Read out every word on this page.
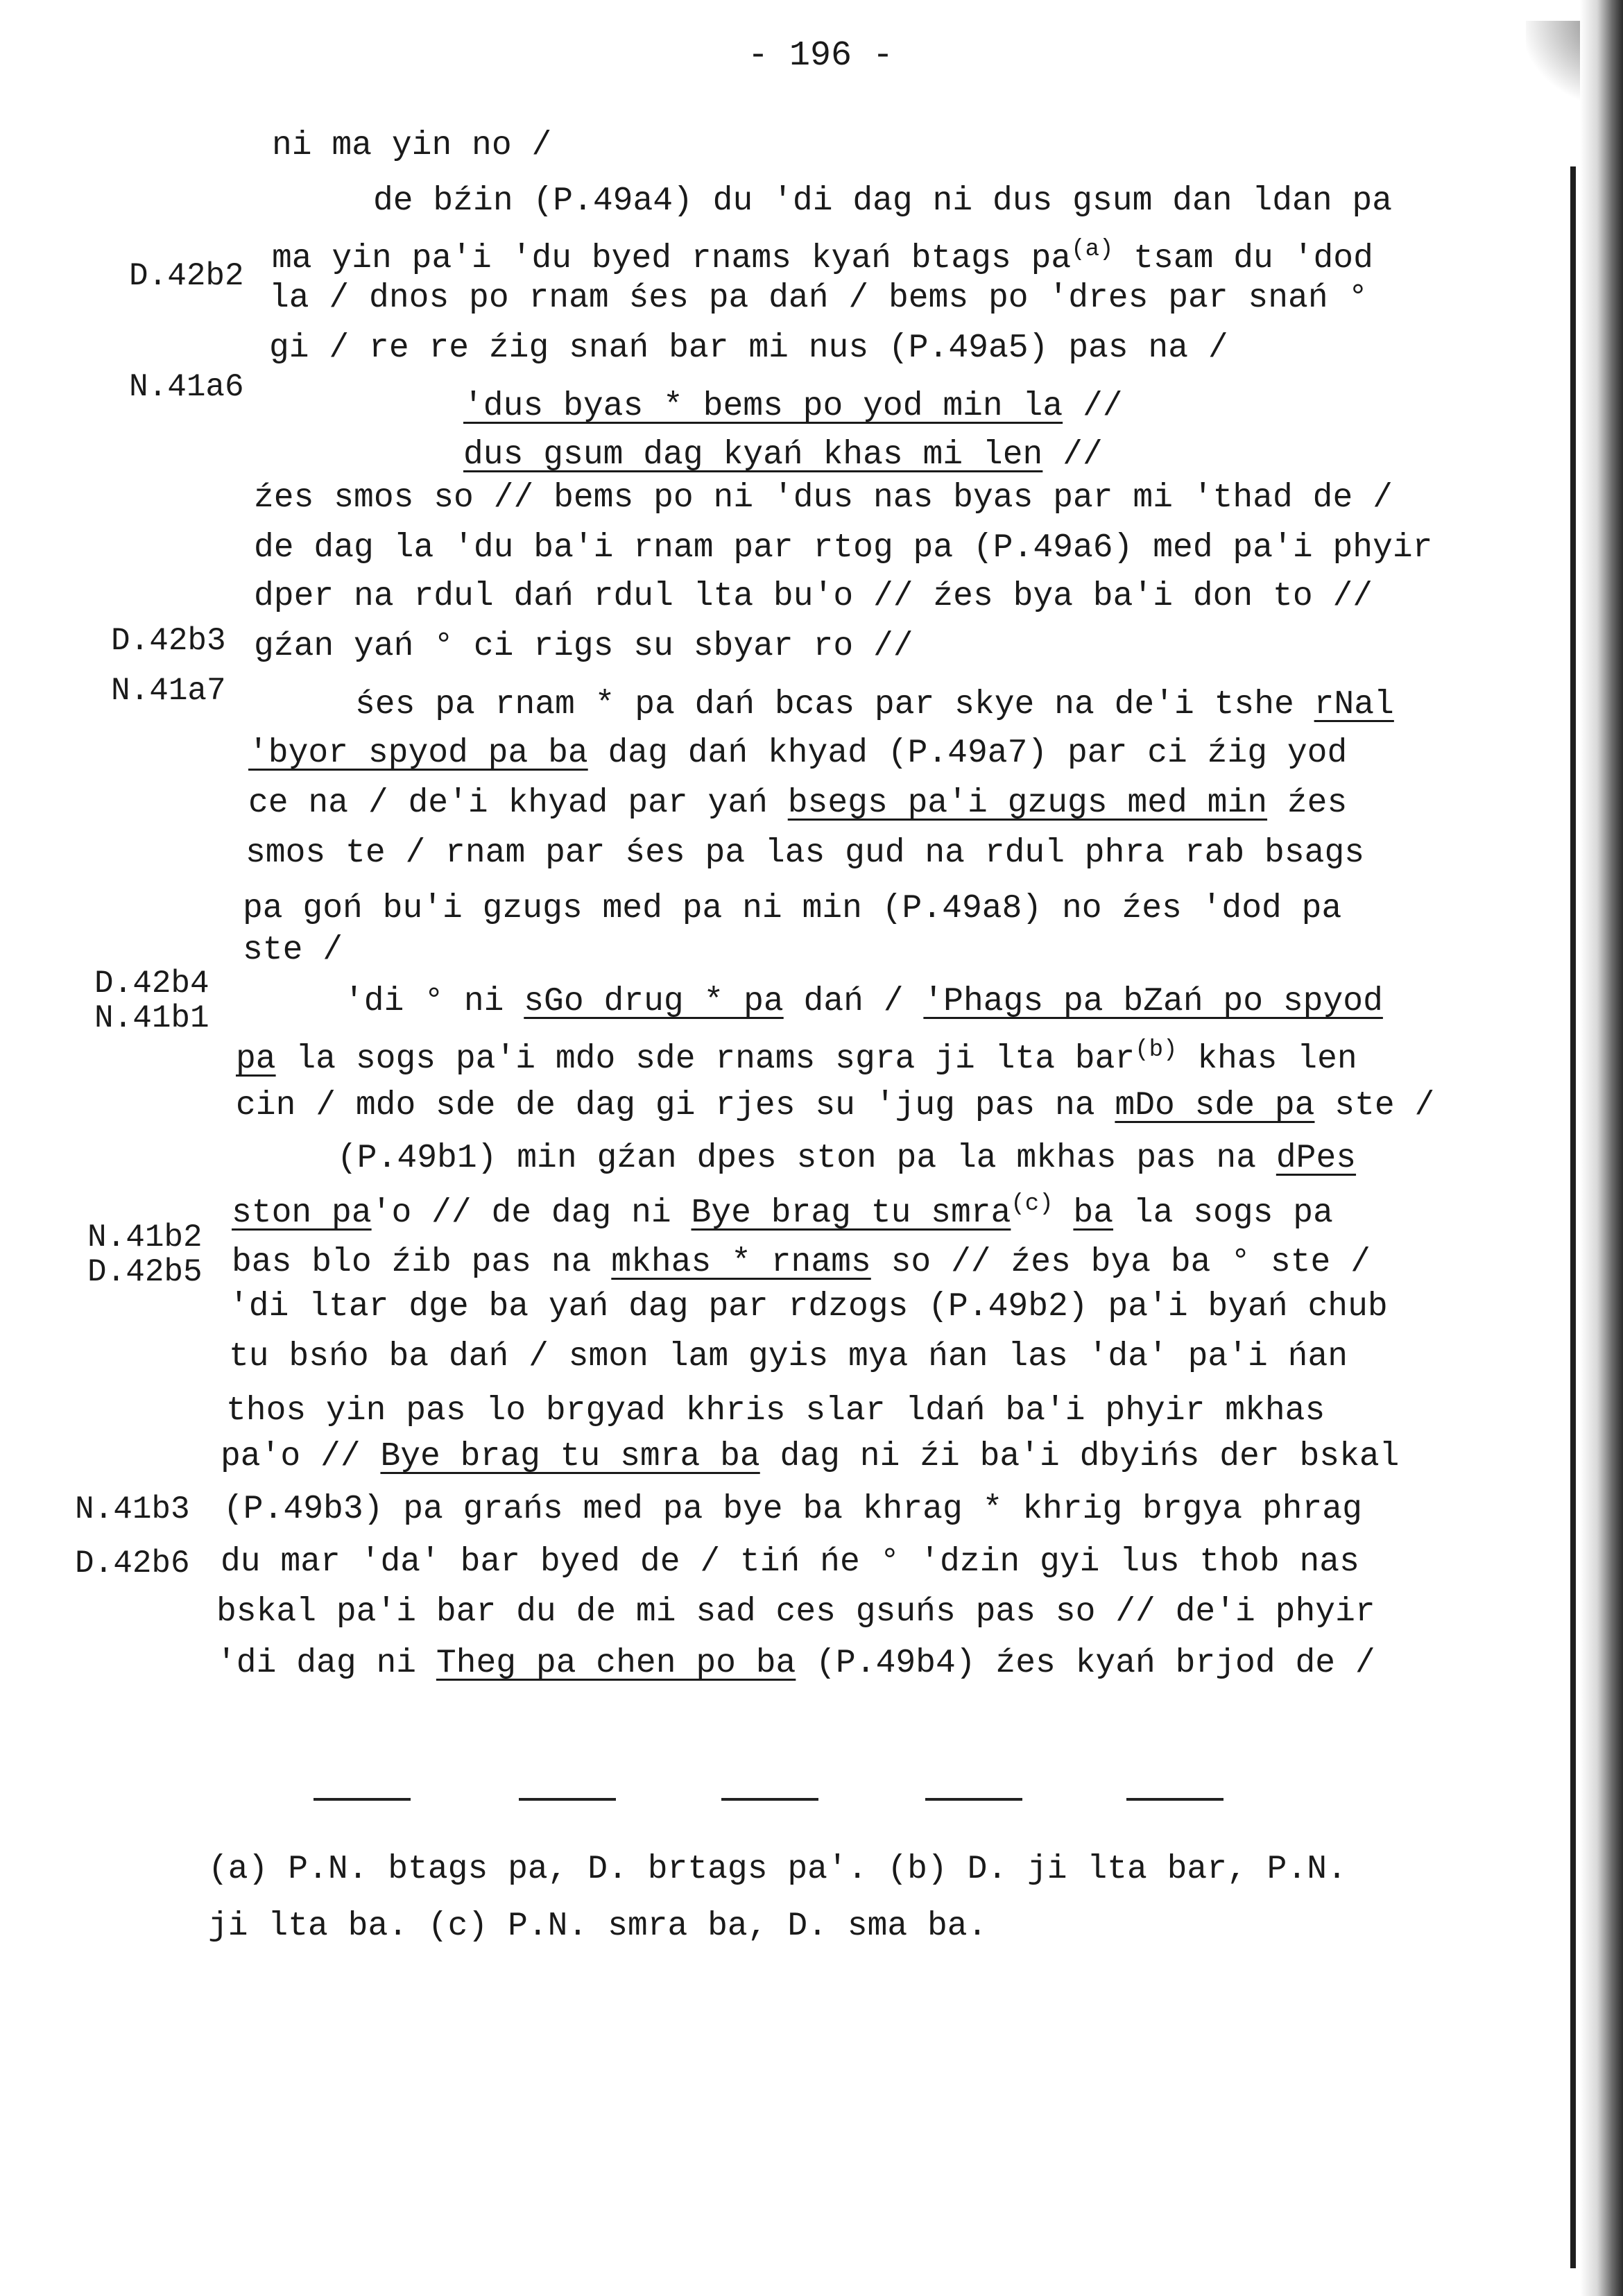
- 196 -
D.42b2
N.41a6
D.42b3
N.41a7
D.42b4
N.41b1
N.41b2
D.42b5
N.41b3
D.42b6
ni ma yin no /
de bźin (P.49a4) du 'di dag ni dus gsum dan ldan pa
ma yin pa'i 'du byed rnams kyań btags $pa^{(a)}$ tsam du 'dod
la / dnos po rnam śes pa dań / bems po 'dres par snań °
gi / re re źig snań bar mi nus (P.49a5) pas na /
'dus byas * bems po yod min la //
dus gsum dag kyań khas mi len //
źes smos so // bems po ni 'dus nas byas par mi 'thad de /
de dag la 'du ba'i rnam par rtog pa (P.49a6) med pa'i phyir
dper na rdul dań rdul lta bu'o // źes bya ba'i don to //
gźan yań ° ci rigs su sbyar ro //
śes pa rnam * pa dań bcas par skye na de'i tshe rNal
'byor spyod pa ba dag dań khyad (P.49a7) par ci źig yod
ce na / de'i khyad par yań bsegs pa'i gzugs med min źes
smos te / rnam par śes pa las gud na rdul phra rab bsags
pa goń bu'i gzugs med pa ni min (P.49a8) no źes 'dod pa
ste /
'di ° ni sGo drug * pa dań / 'Phags pa bZań po spyod
pa la sogs pa'i mdo sde rnams sgra ji lta bar$^{(b)}$ khas len
cin / mdo sde de dag gi rjes su 'jug pas na mDo sde pa ste /
(P.49b1) min gźan dpes ston pa la mkhas pas na dPes
ston pa'o // de dag ni Bye brag tu smra$^{(c)}$ ba la sogs pa
bas blo źib pas na mkhas * rnams so // źes bya ba ° ste /
'di ltar dge ba yań dag par rdzogs (P.49b2) pa'i byań chub
tu bsńo ba dań / smon lam gyis mya ńan las 'da' pa'i ńan
thos yin pas lo brgyad khris slar ldań ba'i phyir mkhas
pa'o // Bye brag tu smra ba dag ni źi ba'i dbyińs der bskal
(P.49b3) pa grańs med pa bye ba khrag * khrig brgya phrag
du mar 'da' bar byed de / tiń ńe ° 'dzin gyi lus thob nas
bskal pa'i bar du de mi sad ces gsuńs pas so // de'i phyir
'di dag ni Theg pa chen po ba (P.49b4) źes kyań brjod de /
(a) P.N. btags pa, D. brtags pa'. (b) D. ji lta bar, P.N.
ji lta ba. (c) P.N. smra ba, D. sma ba.
